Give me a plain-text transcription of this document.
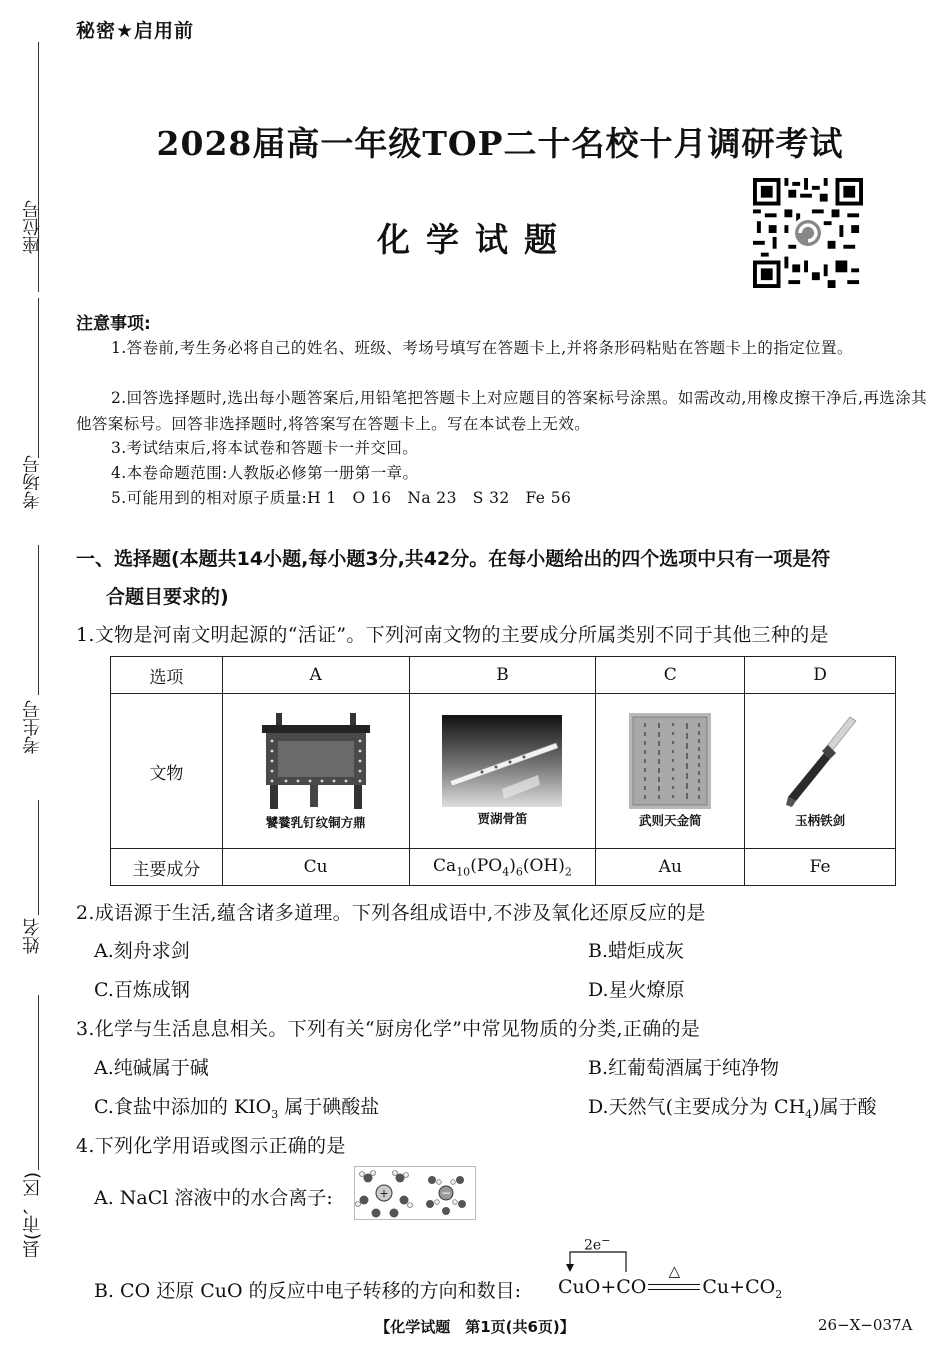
秘密★启用前
2028届高一年级TOP二十名校十月调研考试
化学试题
座位号
考场号
考生号
姓名
县(市、区)
注意事项:
1.答卷前,考生务必将自己的姓名、班级、考场号填写在答题卡上,并将条形码粘贴在答题卡上的指定位置。
2.回答选择题时,选出每小题答案后,用铅笔把答题卡上对应题目的答案标号涂黑。如需改动,用橡皮擦干净后,再选涂其他答案标号。回答非选择题时,将答案写在答题卡上。写在本试卷上无效。
3.考试结束后,将本试卷和答题卡一并交回。
4.本卷命题范围:人教版必修第一册第一章。
5.可能用到的相对原子质量:H 1　O 16　Na 23　S 32　Fe 56
一、选择题(本题共14小题,每小题3分,共42分。在每小题给出的四个选项中只有一项是符
合题目要求的)
1.文物是河南文明起源的“活证”。下列河南文物的主要成分所属类别不同于其他三种的是
选项	A	B	C	D
文物	饕餮乳钉纹铜方鼎	贾湖骨笛	武则天金简	玉柄铁剑

主要成分	Cu	$Ca_{10}(PO_4)_6(OH)_2$	Au	Fe
2.成语源于生活,蕴含诸多道理。下列各组成语中,不涉及氧化还原反应的是
A.刻舟求剑	B.蜡炬成灰
C.百炼成钢	D.星火燎原
3.化学与生活息息相关。下列有关“厨房化学”中常见物质的分类,正确的是
A.纯碱属于碱	B.红葡萄酒属于纯净物
C.食盐中添加的 $KIO_3$ 属于碘酸盐	D.天然气(主要成分为 $CH_4$)属于酸
4.下列化学用语或图示正确的是
A. NaCl 溶液中的水合离子:	+	−
B. CO 还原 CuO 的反应中电子转移的方向和数目:
2e−
CuO+CO
△
$Cu+CO_2$
【化学试题　第1页(共6页)】	26−X−037A
